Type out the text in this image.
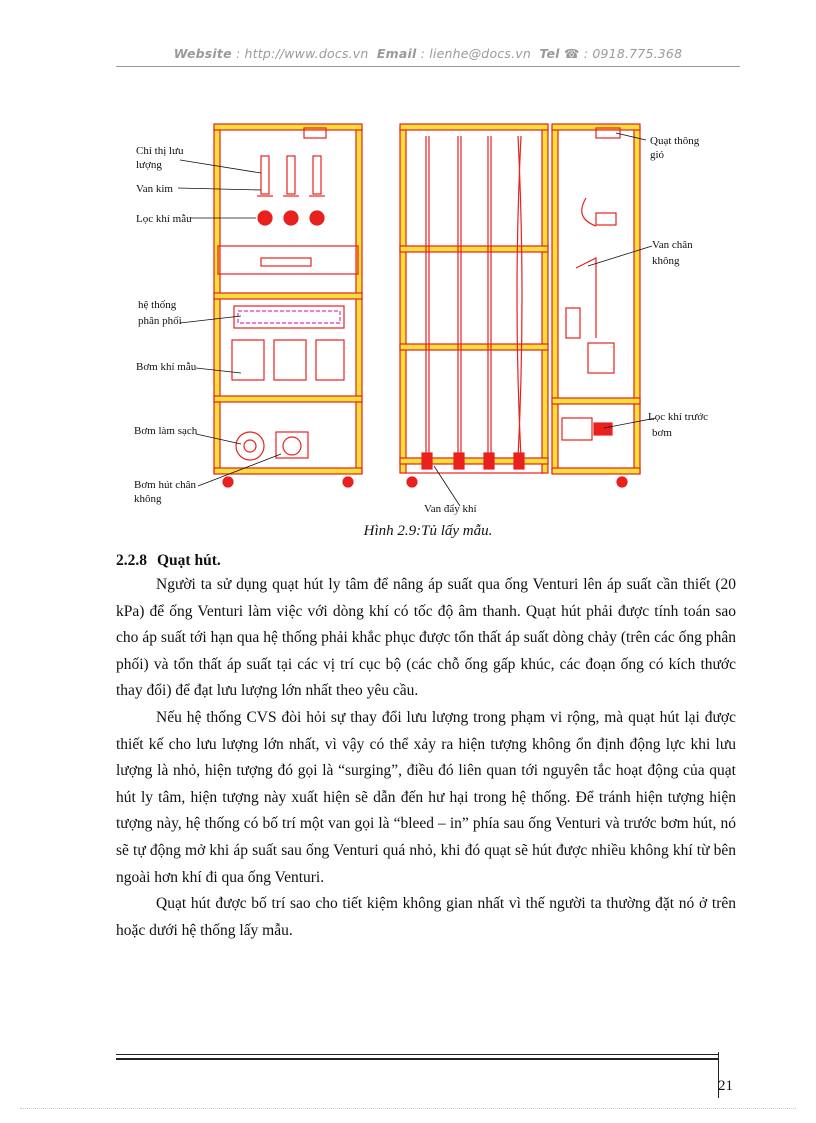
Website : http://www.docs.vn Email : lienhe@docs.vn Tel ☎ : 0918.775.368
Chỉ thị lưu
lượng
Van kim
Lọc khí mẫu
hệ thống
phân phối
Bơm khí mẫu
Bơm làm sạch
Bơm hút chân
không
Quạt thông
gió
Van chân
không
Lọc khí trước
bơm
Van đẩy khí
Hình 2.9:Tủ lấy mẫu.
2.2.8 Quạt hút.

Người ta sử dụng quạt hút ly tâm để nâng áp suất qua ống Venturi lên áp suất cần thiết (20 kPa) để ống Venturi làm việc với dòng khí có tốc độ âm thanh. Quạt hút phải được tính toán sao cho áp suất tới hạn qua hệ thống phải khắc phục được tổn thất áp suất dòng chảy (trên các ống phân phối) và tổn thất áp suất tại các vị trí cục bộ (các chỗ ống gấp khúc, các đoạn ống có kích thước thay đổi) để đạt lưu lượng lớn nhất theo yêu cầu.

Nếu hệ thống CVS đòi hỏi sự thay đổi lưu lượng trong phạm vi rộng, mà quạt hút lại được thiết kế cho lưu lượng lớn nhất, vì vậy có thể xảy ra hiện tượng không ổn định động lực khi lưu lượng là nhỏ, hiện tượng đó gọi là “surging”, điều đó liên quan tới nguyên tắc hoạt động của quạt hút ly tâm, hiện tượng này xuất hiện sẽ dẫn đến hư hại trong hệ thống. Để tránh hiện tượng hiện tượng này, hệ thống có bố trí một van gọi là “bleed – in” phía sau ống Venturi và trước bơm hút, nó sẽ tự động mở khi áp suất sau ống Venturi quá nhỏ, khi đó quạt sẽ hút được nhiều không khí từ bên ngoài hơn khí đi qua ống Venturi.

Quạt hút được bố trí sao cho tiết kiệm không gian nhất vì thế người ta thường đặt nó ở trên hoặc dưới hệ thống lấy mẫu.

21
